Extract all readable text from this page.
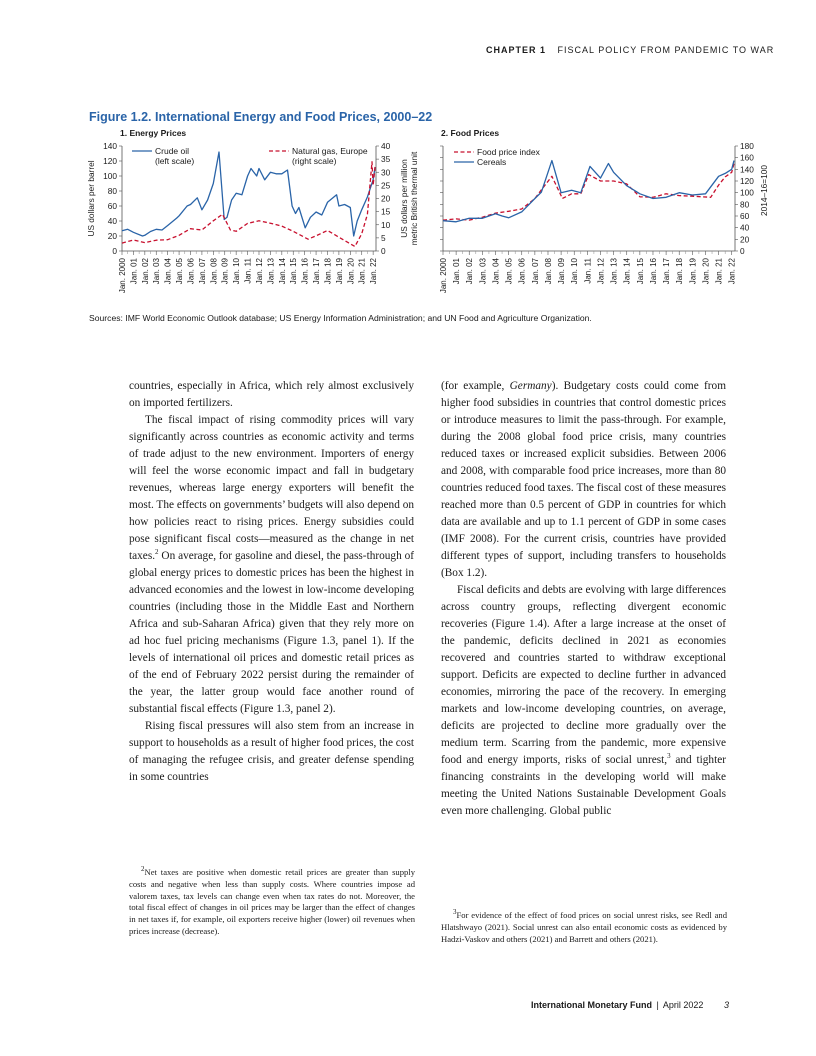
CHAPTER 1 FISCAL POLICY FROM PANDEMIC TO WAR
Figure 1.2. International Energy and Food Prices, 2000–22
1. Energy Prices
Jan. 2000 Jan. 01 Jan. 02 Jan. 03 Jan. 04 Jan. 05 Jan. 06 Jan. 07 Jan. 08 Jan. 09 Jan. 10 Jan. 11 Jan. 12 Jan. 13 Jan. 14 Jan. 15 Jan. 16 Jan. 17 Jan. 18 Jan. 19 Jan. 20 Jan. 21 Jan. 22
0
20
40
60
80
100
120
140
US dollars per barrel
0
5
10
15
20
25
30
35
40
US dollars per million metric British thermal unit
Crude oil
(left scale)
Natural gas, Europe
(right scale)
2. Food Prices
Jan. 2000 Jan. 01 Jan. 02 Jan. 03 Jan. 04 Jan. 05 Jan. 06 Jan. 07 Jan. 08 Jan. 09 Jan. 10 Jan. 11 Jan. 12 Jan. 13 Jan. 14 Jan. 15 Jan. 16 Jan. 17 Jan. 18 Jan. 19 Jan. 20 Jan. 21 Jan. 22
0
20
40
60
80
100
120
140
160
180
2014–16=100
Food price index
Cereals
Sources: IMF World Economic Outlook database; US Energy Information Administration; and UN Food and Agriculture Organization.

countries, especially in Africa, which rely almost exclusively on imported fertilizers.

The fiscal impact of rising commodity prices will vary significantly across countries as economic activity and terms of trade adjust to the new environment. Importers of energy will feel the worse economic impact and fall in budgetary revenues, whereas large energy exporters will benefit the most. The effects on governments’ budgets will also depend on how policies react to rising prices. Energy subsidies could pose significant fiscal costs—measured as the change in net taxes.$^2$ On average, for gasoline and diesel, the pass-through of global energy prices to domestic prices has been the highest in advanced economies and the lowest in low-income developing countries (including those in the Middle East and Northern Africa and sub-Saharan Africa) given that they rely more on ad hoc fuel pricing mechanisms (Figure 1.3, panel 1). If the levels of international oil prices and domestic retail prices as of the end of February 2022 persist during the remainder of the year, the latter group would face another round of substantial fiscal effects (Figure 1.3, panel 2).

Rising fiscal pressures will also stem from an increase in support to households as a result of higher food prices, the cost of managing the refugee crisis, and greater defense spending in some countries

(for example, Germany). Budgetary costs could come from higher food subsidies in countries that control domestic prices or introduce measures to limit the pass-through. For example, during the 2008 global food price crisis, many countries reduced taxes or increased explicit subsidies. Between 2006 and 2008, with comparable food price increases, more than 80 countries reduced food taxes. The fiscal cost of these measures reached more than 0.5 percent of GDP in countries for which data are available and up to 1.1 percent of GDP in some cases (IMF 2008). For the current crisis, countries have provided different types of support, including transfers to households (Box 1.2).

Fiscal deficits and debts are evolving with large differences across country groups, reflecting divergent economic recoveries (Figure 1.4). After a large increase at the onset of the pandemic, deficits declined in 2021 as economies recovered and countries started to withdraw exceptional support. Deficits are expected to decline further in advanced economies, mirroring the pace of the recovery. In emerging markets and low-income developing countries, on average, deficits are projected to decline more gradually over the medium term. Scarring from the pandemic, more expensive food and energy imports, risks of social unrest,$^3$ and tighter financing constraints in the developing world will make meeting the United Nations Sustainable Development Goals even more challenging. Global public

$^2$Net taxes are positive when domestic retail prices are greater than supply costs and negative when less than supply costs. Where countries impose ad valorem taxes, tax levels can change even when tax rates do not. Moreover, the total fiscal effect of changes in oil prices may be larger than the effect of changes in net taxes if, for example, oil exporters receive higher (lower) oil revenues when prices increase (decrease).

$^3$For evidence of the effect of food prices on social unrest risks, see Redl and Hlatshwayo (2021). Social unrest can also entail economic costs as evidenced by Hadzi-Vaskov and others (2021) and Barrett and others (2021).

International Monetary Fund | April 2022 3
